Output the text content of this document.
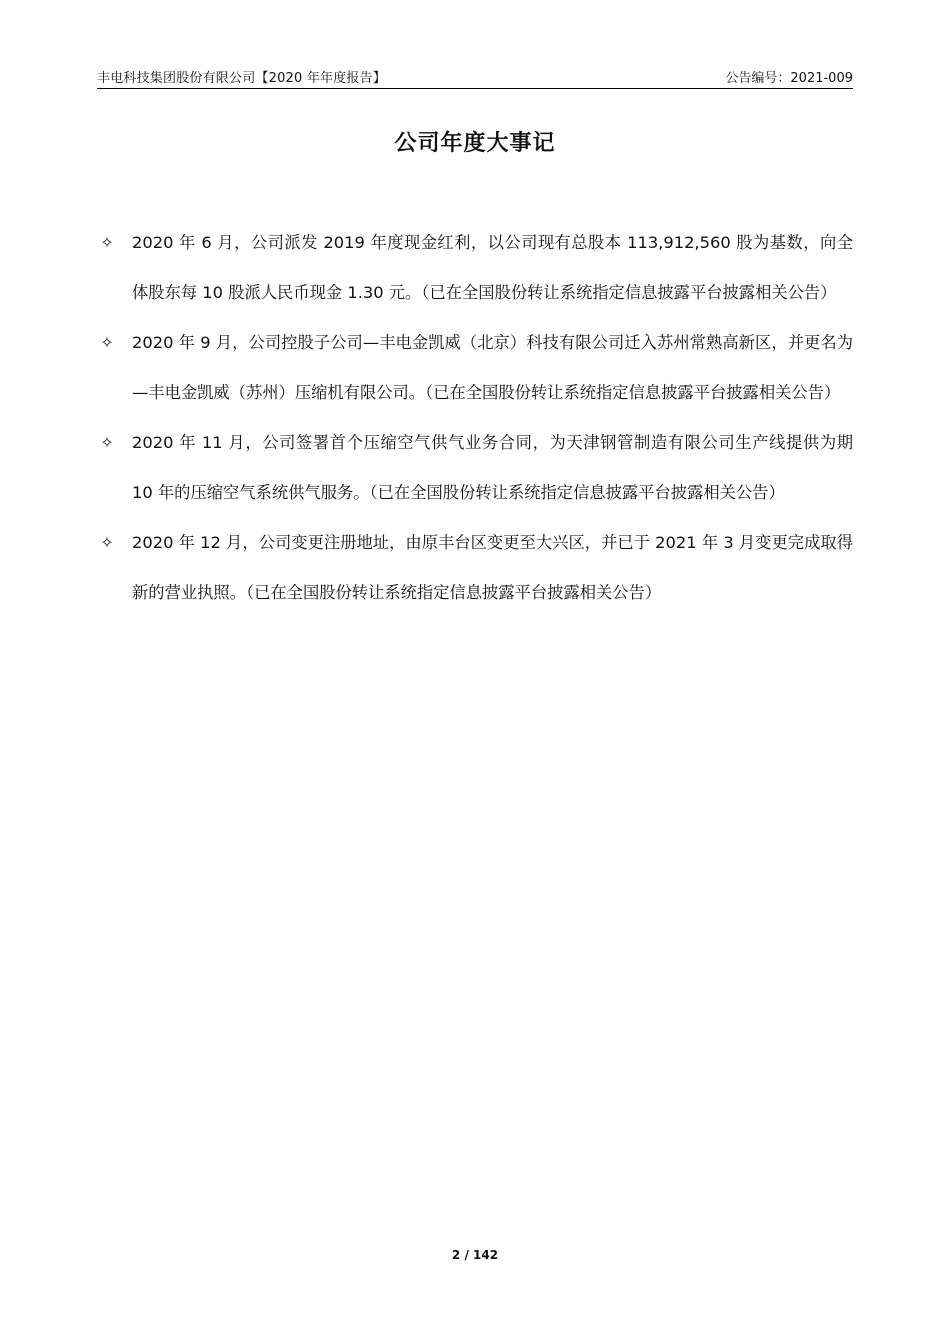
丰电科技集团股份有限公司【2020 年年度报告】	公告编号：2021-009
公司年度大事记
✧ 2020 年 6 月，公司派发 2019 年度现金红利，以公司现有总股本 113,912,560 股为基数，向全体股东每 10 股派人民币现金 1.30 元。（已在全国股份转让系统指定信息披露平台披露相关公告）
✧ 2020 年 9 月，公司控股子公司—丰电金凯威（北京）科技有限公司迁入苏州常熟高新区，并更名为—丰电金凯威（苏州）压缩机有限公司。（已在全国股份转让系统指定信息披露平台披露相关公告）
✧ 2020 年 11 月，公司签署首个压缩空气供气业务合同，为天津钢管制造有限公司生产线提供为期 10 年的压缩空气系统供气服务。（已在全国股份转让系统指定信息披露平台披露相关公告）
✧ 2020 年 12 月，公司变更注册地址，由原丰台区变更至大兴区，并已于 2021 年 3 月变更完成取得新的营业执照。（已在全国股份转让系统指定信息披露平台披露相关公告）
2 / 142
